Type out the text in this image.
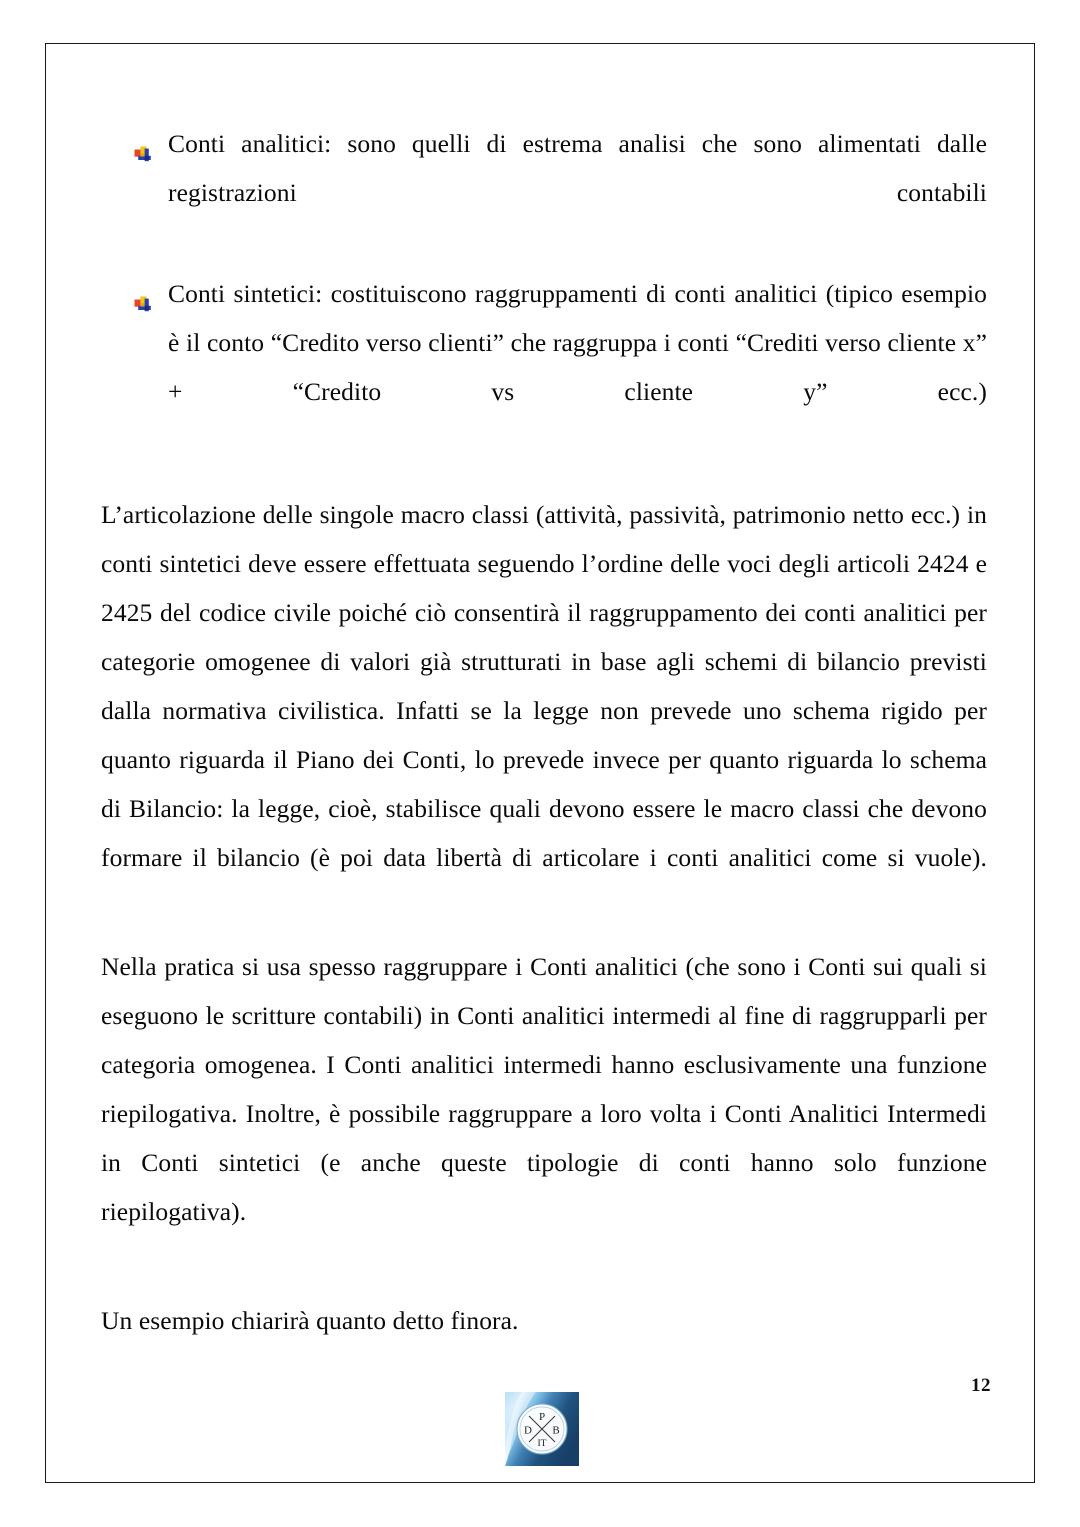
Conti analitici: sono quelli di estrema analisi che sono alimentati dalle registrazioni contabili
Conti sintetici: costituiscono raggruppamenti di conti analitici (tipico esempio è il conto “Credito verso clienti” che raggruppa i conti “Crediti verso cliente x” + “Credito vs cliente y” ecc.)

L’articolazione delle singole macro classi (attività, passività, patrimonio netto ecc.) in conti sintetici deve essere effettuata seguendo l’ordine delle voci degli articoli 2424 e 2425 del codice civile poiché ciò consentirà il raggruppamento dei conti analitici per categorie omogenee di valori già strutturati in base agli schemi di bilancio previsti dalla normativa civilistica. Infatti se la legge non prevede uno schema rigido per quanto riguarda il Piano dei Conti, lo prevede invece per quanto riguarda lo schema di Bilancio: la legge, cioè, stabilisce quali devono essere le macro classi che devono formare il bilancio (è poi data libertà di articolare i conti analitici come si vuole).

Nella pratica si usa spesso raggruppare i Conti analitici (che sono i Conti sui quali si eseguono le scritture contabili) in Conti analitici intermedi al fine di raggrupparli per categoria omogenea. I Conti analitici intermedi hanno esclusivamente una funzione riepilogativa. Inoltre, è possibile raggruppare a loro volta i Conti Analitici Intermedi in Conti sintetici (e anche queste tipologie di conti hanno solo funzione riepilogativa).

Un esempio chiarirà quanto detto finora.

12
P
D B
IT
